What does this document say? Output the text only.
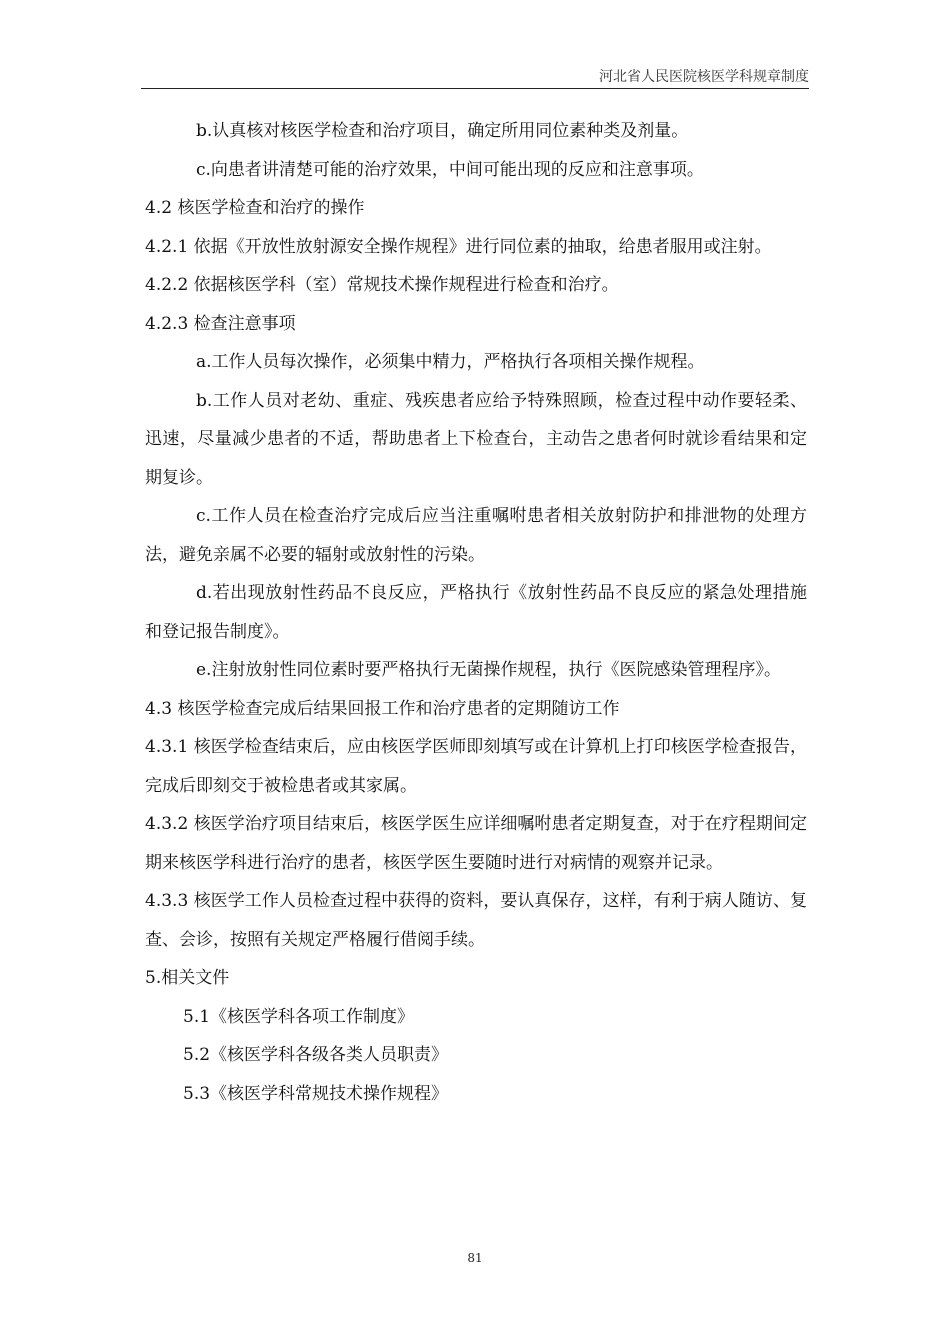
河北省人民医院核医学科规章制度

b.认真核对核医学检查和治疗项目，确定所用同位素种类及剂量。

c.向患者讲清楚可能的治疗效果，中间可能出现的反应和注意事项。

4.2 核医学检查和治疗的操作

4.2.1 依据《开放性放射源安全操作规程》进行同位素的抽取，给患者服用或注射。

4.2.2 依据核医学科（室）常规技术操作规程进行检查和治疗。

4.2.3 检查注意事项

a.工作人员每次操作，必须集中精力，严格执行各项相关操作规程。

b.工作人员对老幼、重症、残疾患者应给予特殊照顾，检查过程中动作要轻柔、迅速，尽量减少患者的不适，帮助患者上下检查台，主动告之患者何时就诊看结果和定期复诊。

c.工作人员在检查治疗完成后应当注重嘱咐患者相关放射防护和排泄物的处理方法，避免亲属不必要的辐射或放射性的污染。

d.若出现放射性药品不良反应，严格执行《放射性药品不良反应的紧急处理措施和登记报告制度》。

e.注射放射性同位素时要严格执行无菌操作规程，执行《医院感染管理程序》。

4.3 核医学检查完成后结果回报工作和治疗患者的定期随访工作

4.3.1 核医学检查结束后，应由核医学医师即刻填写或在计算机上打印核医学检查报告，完成后即刻交于被检患者或其家属。

4.3.2 核医学治疗项目结束后，核医学医生应详细嘱咐患者定期复查，对于在疗程期间定期来核医学科进行治疗的患者，核医学医生要随时进行对病情的观察并记录。

4.3.3 核医学工作人员检查过程中获得的资料，要认真保存，这样，有利于病人随访、复查、会诊，按照有关规定严格履行借阅手续。

5.相关文件

5.1《核医学科各项工作制度》

5.2《核医学科各级各类人员职责》

5.3《核医学科常规技术操作规程》

81
